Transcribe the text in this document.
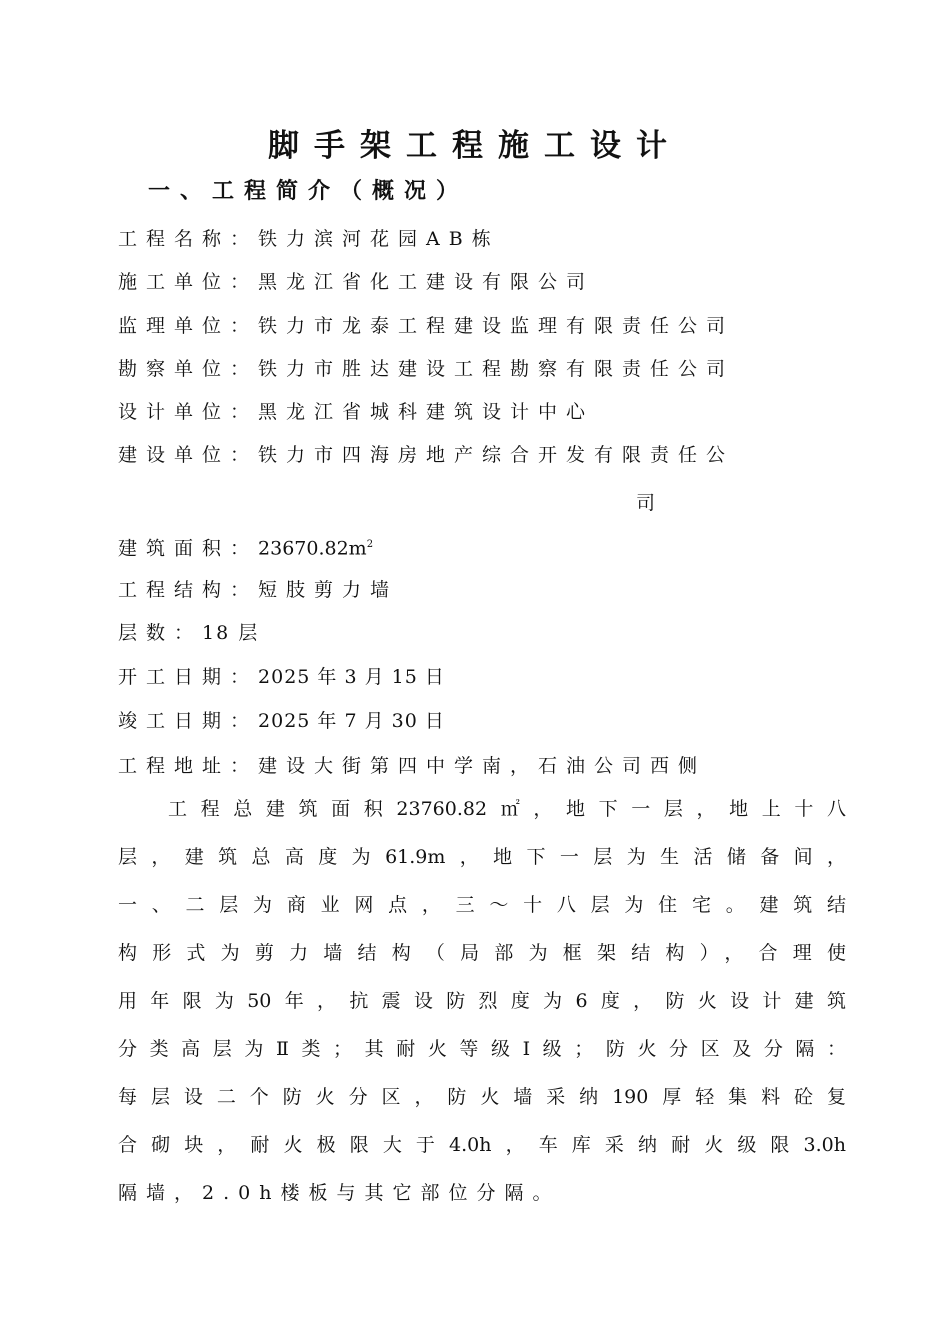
脚手架工程施工设计
一、工程简介（概况）
工程名称：铁力滨河花园AB栋
施工单位：黑龙江省化工建设有限公司
监理单位：铁力市龙泰工程建设监理有限责任公司
勘察单位：铁力市胜达建设工程勘察有限责任公司
设计单位：黑龙江省城科建筑设计中心
建设单位：铁力市四海房地产综合开发有限责任公
司
建筑面积：$23670.82m^2$
工程结构：短肢剪力墙
层数：18 层
开工日期：2025 年 3 月 15 日
竣工日期：2025 年 7 月 30 日
工程地址：建设大街第四中学南，石油公司西侧
工程总建筑面积23760.82㎡，地下一层，地上十八
层，建筑总高度为61.9m，地下一层为生活储备间，
一、二层为商业网点，三～十八层为住宅。建筑结
构形式为剪力墙结构（局部为框架结构），合理使
用年限为50年，抗震设防烈度为6度，防火设计建筑
分类高层为Ⅱ类；其耐火等级Ⅰ级；防火分区及分隔：
每层设二个防火分区，防火墙采纳190厚轻集料砼复
合砌块，耐火极限大于4.0h，车库采纳耐火级限3.0h
隔墙，2.0h楼板与其它部位分隔。
